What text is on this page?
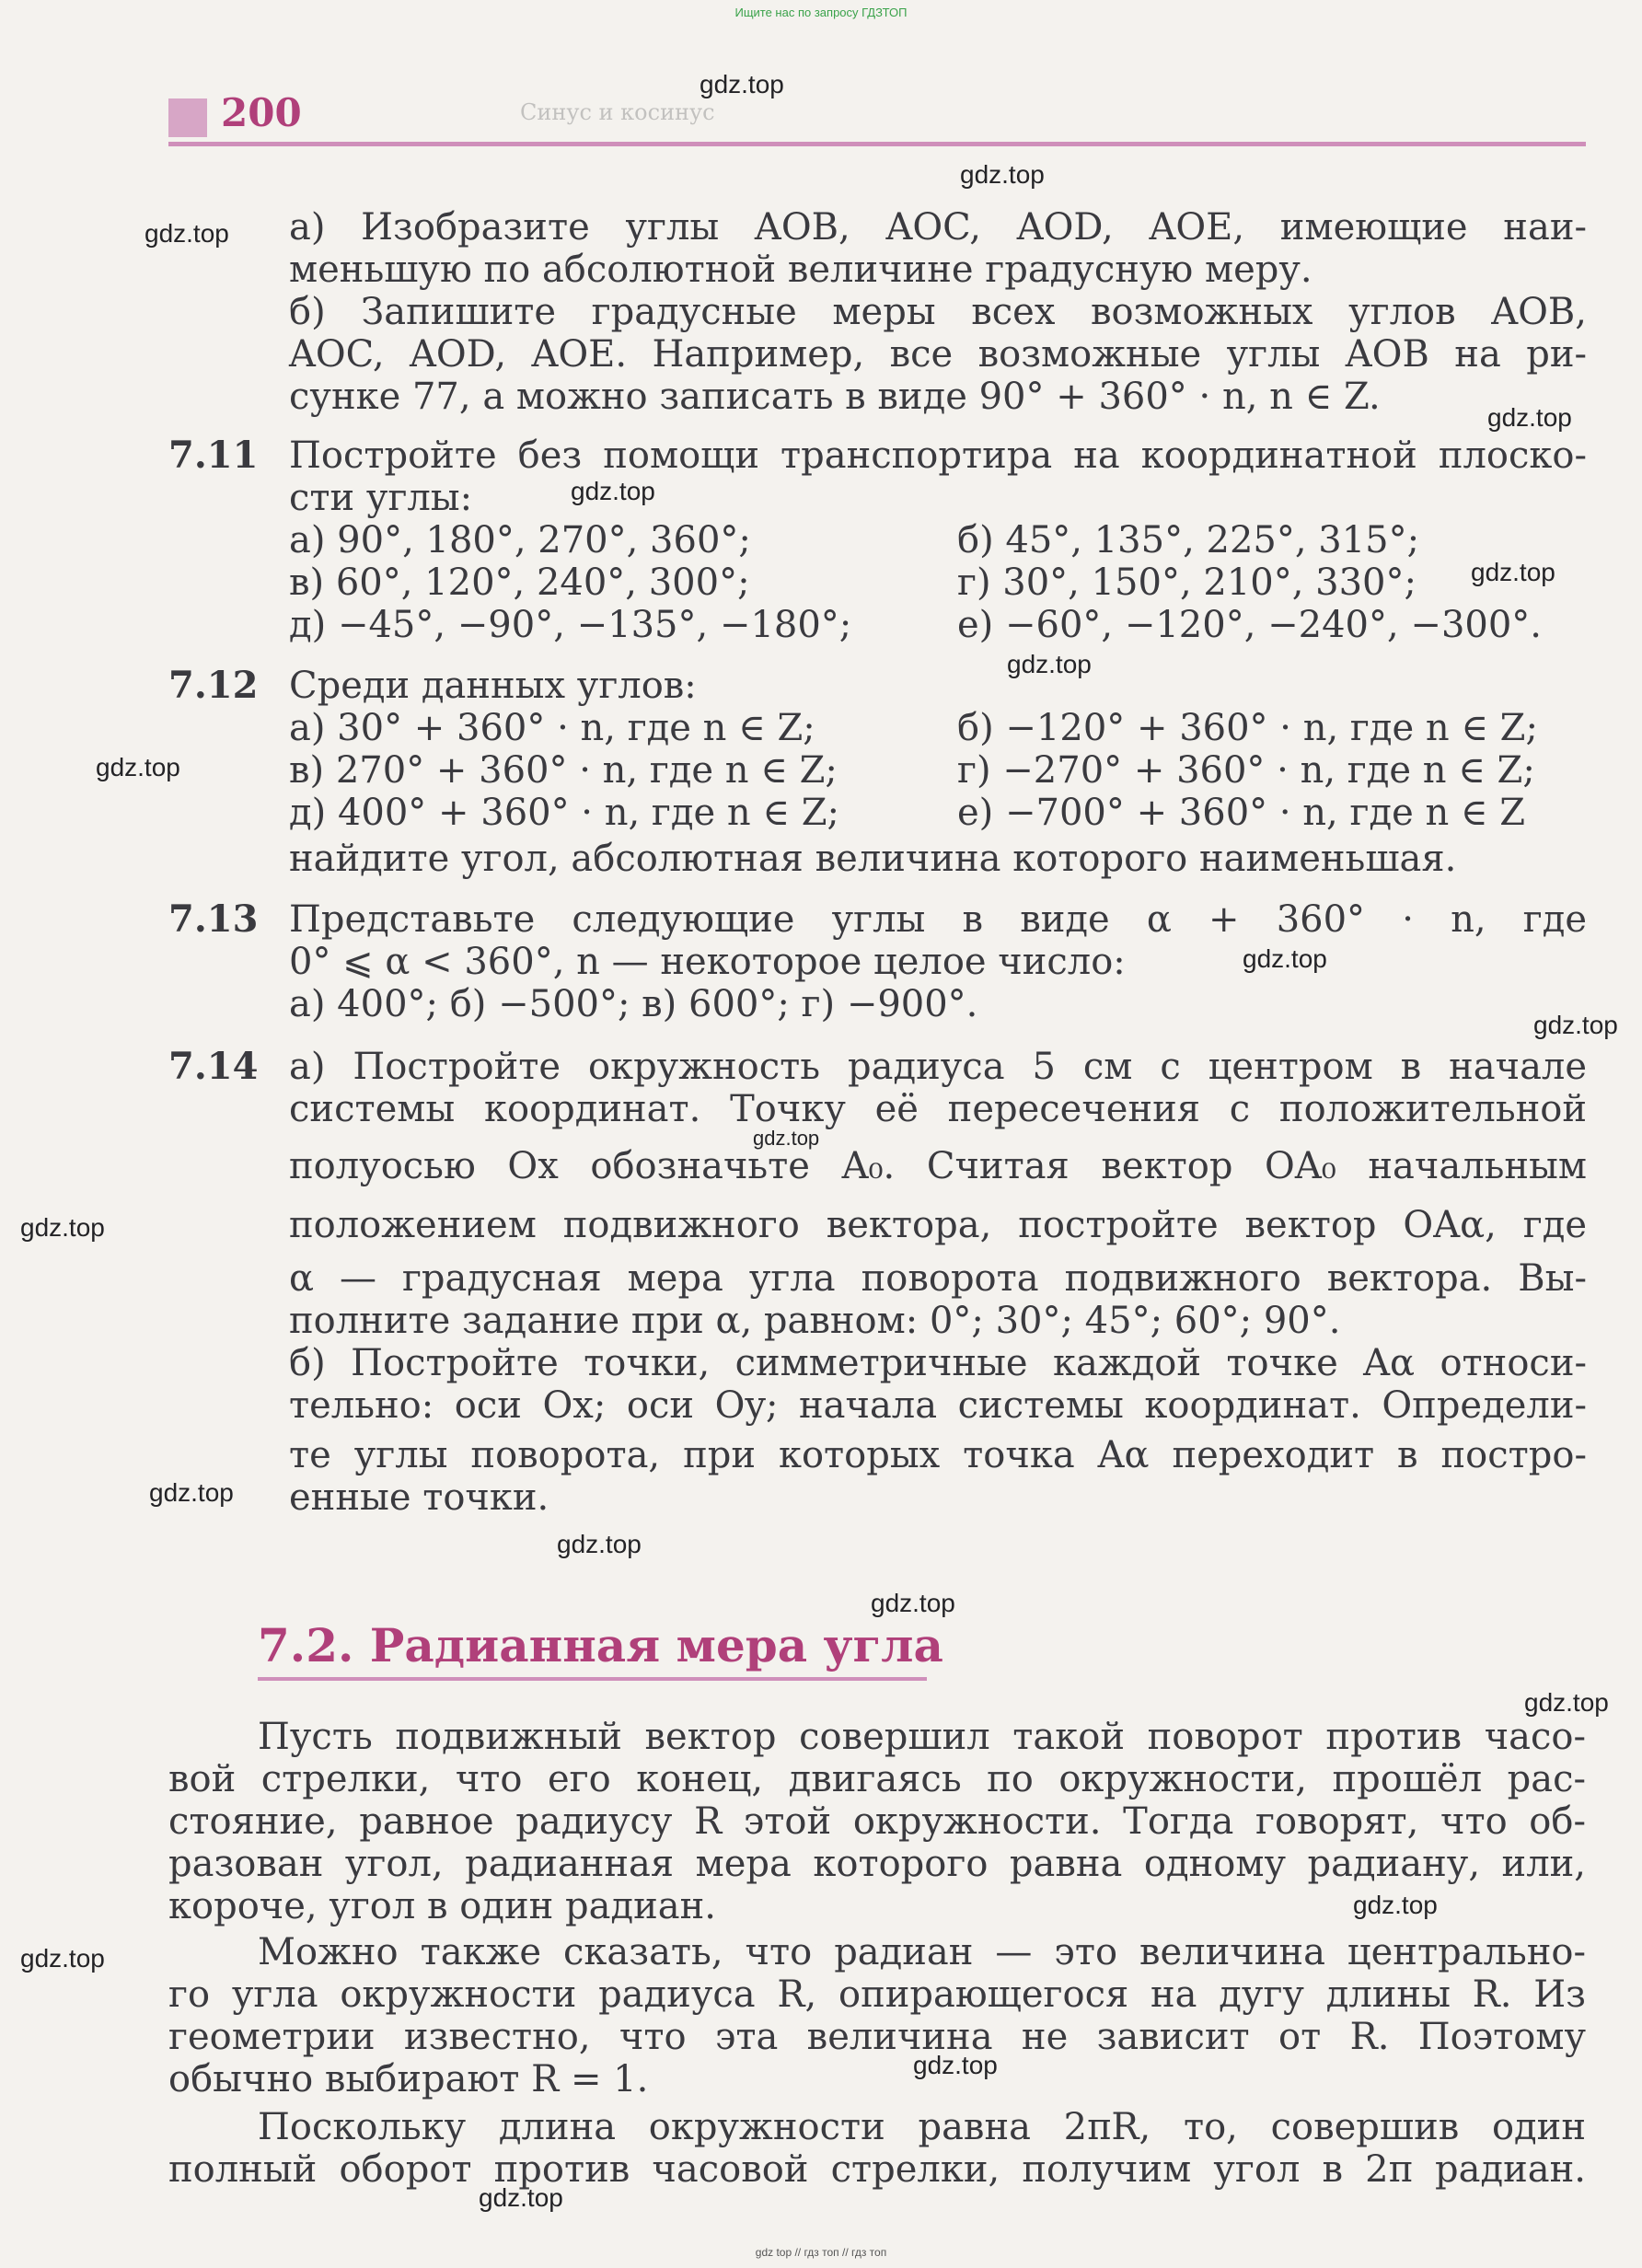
Ищите нас по запросу ГДЗТОП
200	Синус и косинус
а) Изобразите углы AOB, AOC, AOD, AOE, имеющие наи-
меньшую по абсолютной величине градусную меру.
б) Запишите градусные меры всех возможных углов AOB,
AOC, AOD, AOE. Например, все возможные углы AOB на ри-
сунке 77, а можно записать в виде 90° + 360° · n, n ∈ Z.
7.11 Постройте без помощи транспортира на координатной плоско-
сти углы:
а) 90°, 180°, 270°, 360°;	б) 45°, 135°, 225°, 315°;
в) 60°, 120°, 240°, 300°;	г) 30°, 150°, 210°, 330°;
д) −45°, −90°, −135°, −180°;	е) −60°, −120°, −240°, −300°.
7.12 Среди данных углов:
а) 30° + 360° · n, где n ∈ Z;	б) −120° + 360° · n, где n ∈ Z;
в) 270° + 360° · n, где n ∈ Z;	г) −270° + 360° · n, где n ∈ Z;
д) 400° + 360° · n, где n ∈ Z;	е) −700° + 360° · n, где n ∈ Z
найдите угол, абсолютная величина которого наименьшая.
7.13 Представьте следующие углы в виде α + 360° · n, где
0° ⩽ α < 360°, n — некоторое целое число:
а) 400°; б) −500°; в) 600°; г) −900°.
7.14 а) Постройте окружность радиуса 5 см с центром в начале
системы координат. Точку её пересечения с положительной
полуосью Ox обозначьте A₀. Считая вектор OA₀ начальным
положением подвижного вектора, постройте вектор OAα, где
α — градусная мера угла поворота подвижного вектора. Вы-
полните задание при α, равном: 0°; 30°; 45°; 60°; 90°.
б) Постройте точки, симметричные каждой точке Aα относи-
тельно: оси Ox; оси Oy; начала системы координат. Определи-
те углы поворота, при которых точка Aα переходит в постро-
енные точки.
7.2. Радианная мера угла
Пусть подвижный вектор совершил такой поворот против часо-
вой стрелки, что его конец, двигаясь по окружности, прошёл рас-
стояние, равное радиусу R этой окружности. Тогда говорят, что об-
разован угол, радианная мера которого равна одному радиану, или,
короче, угол в один радиан.
Можно также сказать, что радиан — это величина центрально-
го угла окружности радиуса R, опирающегося на дугу длины R. Из
геометрии известно, что эта величина не зависит от R. Поэтому
обычно выбирают R = 1.
Поскольку длина окружности равна 2πR, то, совершив один
полный оборот против часовой стрелки, получим угол в 2π радиан.
gdz.top
gdz.top
gdz.top
gdz.top
gdz.top
gdz.top
gdz.top
gdz.top
gdz.top
gdz.top
gdz.top
gdz.top
gdz.top
gdz.top
gdz.top
gdz.top
gdz.top
gdz.top
gdz.top
gdz.top
gdz top // гдз топ // гдз топ
